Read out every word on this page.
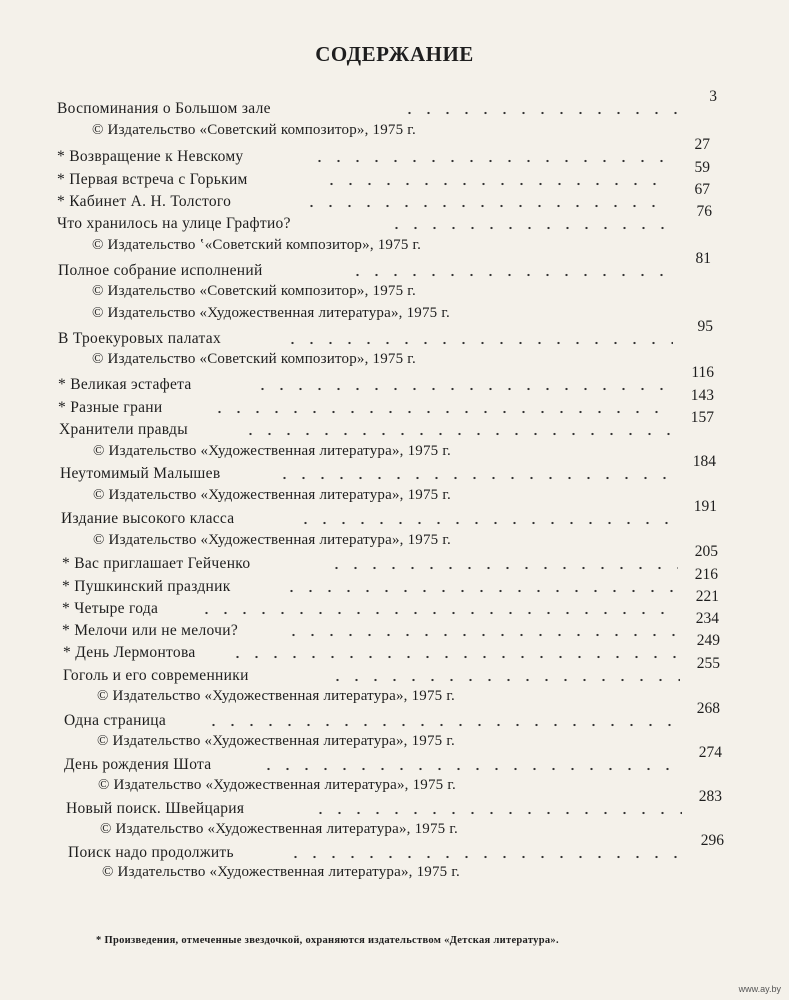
СОДЕРЖАНИЕ
Воспоминания о Большом зале
3
© Издательство «Советский композитор», 1975 г.
* Возвращение к Невскому
27
* Первая встреча с Горьким
59
* Кабинет А. Н. Толстого
67
Что хранилось на улице Графтио?
76
© Издательство ʽ«Советский композитор», 1975 г.
Полное собрание исполнений
81
© Издательство «Советский композитор», 1975 г.
© Издательство «Художественная литература», 1975 г.
В Троекуровых палатах
95
© Издательство «Советский композитор», 1975 г.
* Великая эстафета
116
* Разные грани
143
Хранители правды
157
© Издательство «Художественная литература», 1975 г.
Неутомимый Малышев
184
© Издательство «Художественная литература», 1975 г.
Издание высокого класса
191
© Издательство «Художественная литература», 1975 г.
* Вас приглашает Гейченко
205
* Пушкинский праздник
216
* Четыре года
221
* Мелочи или не мелочи?
234
* День Лермонтова
249
Гоголь и его современники
255
© Издательство «Художественная литература», 1975 г.
Одна страница
268
© Издательство «Художественная литература», 1975 г.
День рождения Шота
274
© Издательство «Художественная литература», 1975 г.
Новый поиск. Швейцария
283
© Издательство «Художественная литература», 1975 г.
Поиск надо продолжить
296
© Издательство «Художественная литература», 1975 г.
* Произведения, отмеченные звездочкой, охраняются издательством «Детская литература».
www.ay.by
